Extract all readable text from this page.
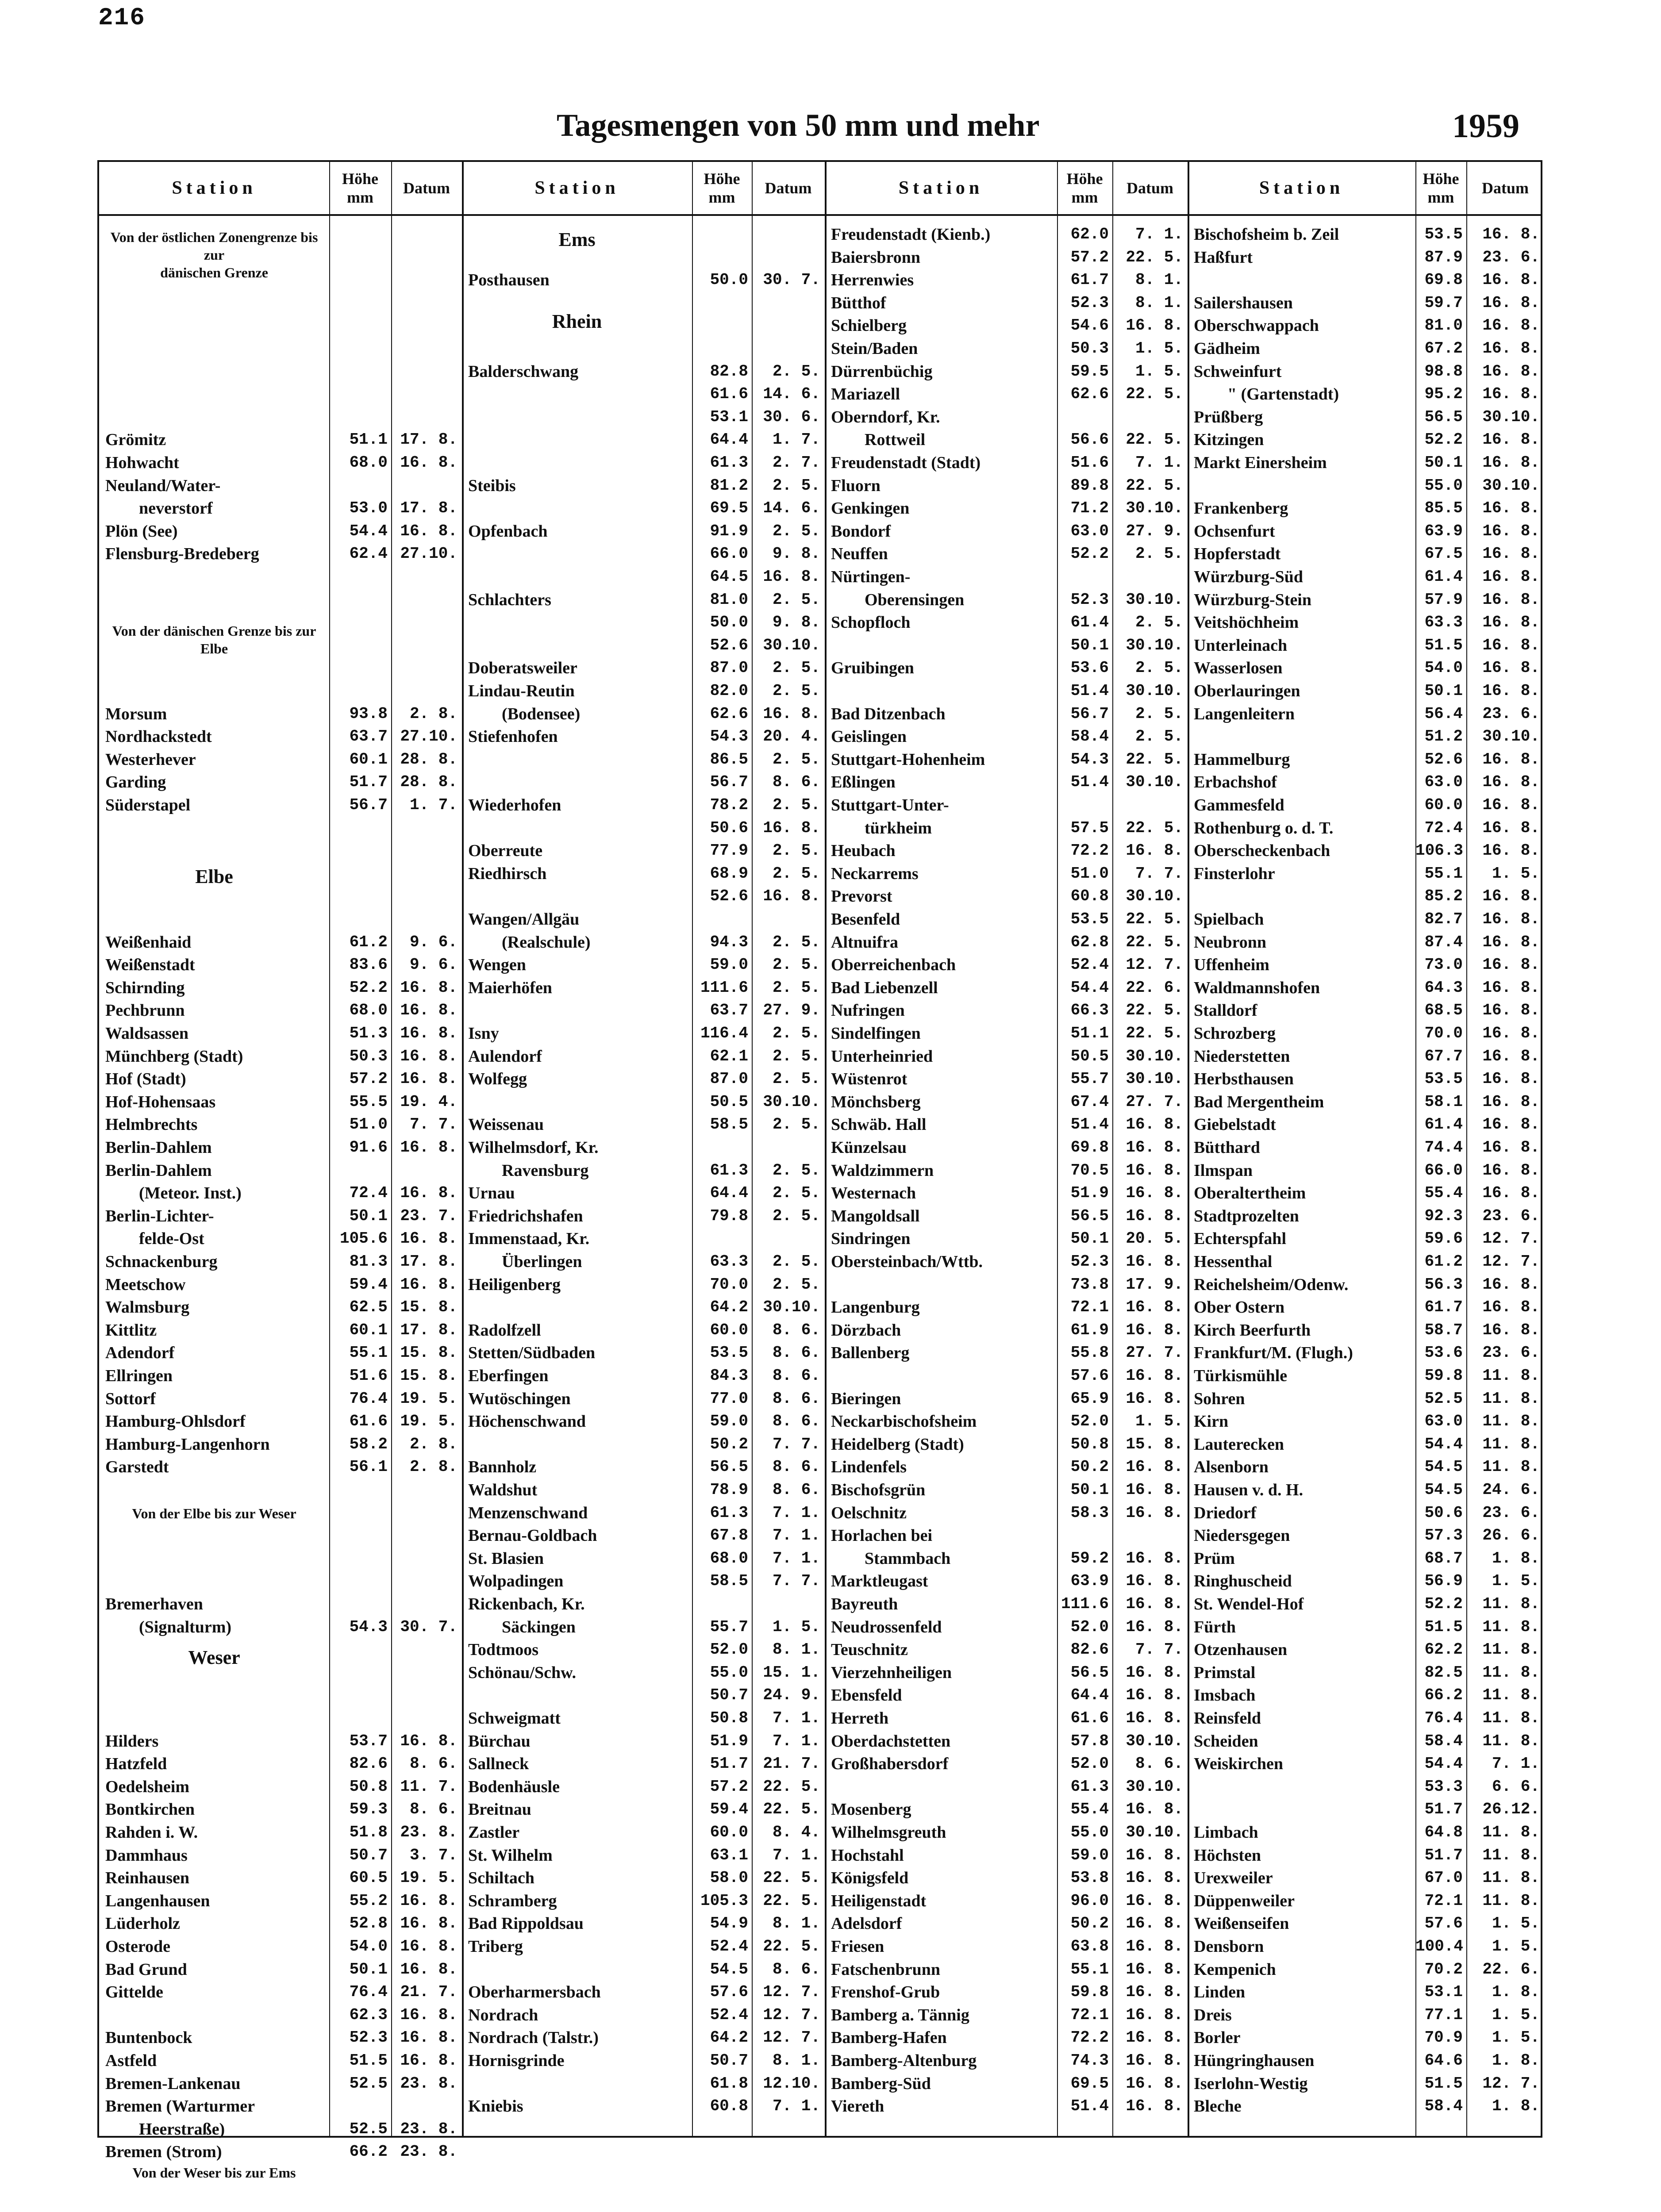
216
Tagesmengen von 50 mm und mehr	1959
Station	Höhe mm
Datum	Station	Höhe mm
Datum	Station	Höhe mm
Datum	Station	Höhe mm
Datum
Von der östlichen Zonengrenze bis zur
dänischen Grenze
Von der dänischen Grenze bis zur Elbe
Elbe
Von der Elbe bis zur Weser
Weser
Von der Weser bis zur Ems
Grömitz	51.1 17. 8.
Hohwacht	68.0 16. 8.
Neuland/Water-
  neverstorf	53.0 17. 8.
Plön (See)	54.4 16. 8.
Flensburg-Bredeberg	62.4 27.10.
Morsum	93.8	2. 8.
Nordhackstedt	63.7 27.10.
Westerhever	60.1 28. 8.
Garding	51.7 28. 8.
Süderstapel	56.7	1. 7.
Weißenhaid	61.2	9. 6.
Weißenstadt	83.6	9. 6.
Schirnding	52.2 16. 8.
Pechbrunn	68.0 16. 8.
Waldsassen	51.3 16. 8.
Münchberg (Stadt)	50.3 16. 8.
Hof (Stadt)	57.2 16. 8.
Hof-Hohensaas	55.5 19. 4.
Helmbrechts	51.0	7. 7.
Berlin-Dahlem	91.6 16. 8.
Berlin-Dahlem
  (Meteor. Inst.)	72.4 16. 8.
Berlin-Lichter-	50.1 23. 7.
  felde-Ost	105.6 16. 8.
Schnackenburg	81.3 17. 8.
Meetschow	59.4 16. 8.
Walmsburg	62.5 15. 8.
Kittlitz	60.1 17. 8.
Adendorf	55.1 15. 8.
Ellringen	51.6 15. 8.
Sottorf	76.4 19. 5.
Hamburg-Ohlsdorf	61.6 19. 5.
Hamburg-Langenhorn	58.2	2. 8.
Garstedt	56.1	2. 8.
Bremerhaven
  (Signalturm)	54.3 30. 7.
Hilders	53.7 16. 8.
Hatzfeld	82.6	8. 6.
Oedelsheim	50.8 11. 7.
Bontkirchen	59.3	8. 6.
Rahden i. W.	51.8 23. 8.
Dammhaus	50.7	3. 7.
Reinhausen	60.5 19. 5.
Langenhausen	55.2 16. 8.
Lüderholz	52.8 16. 8.
Osterode	54.0 16. 8.
Bad Grund	50.1 16. 8.
Gittelde	76.4 21. 7.
62.3 16. 8.
Buntenbock	52.3 16. 8.
Astfeld	51.5 16. 8.
Bremen-Lankenau	52.5 23. 8.
Bremen (Warturmer
  Heerstraße)	52.5 23. 8.
Bremen (Strom)	66.2 23. 8.
Ems
Rhein
Posthausen	50.0 30. 7.
Balderschwang	82.8	2. 5.
61.6 14. 6.
53.1 30. 6.
64.4	1. 7.
61.3	2. 7.
Steibis	81.2	2. 5.
69.5 14. 6.
Opfenbach	91.9	2. 5.
66.0	9. 8.
64.5 16. 8.
Schlachters	81.0	2. 5.
50.0	9. 8.
52.6 30.10.
Doberatsweiler	87.0	2. 5.
Lindau-Reutin	82.0	2. 5.
  (Bodensee)	62.6 16. 8.
Stiefenhofen	54.3 20. 4.
86.5	2. 5.
56.7	8. 6.
Wiederhofen	78.2	2. 5.
50.6 16. 8.
Oberreute	77.9	2. 5.
Riedhirsch	68.9	2. 5.
52.6 16. 8.
Wangen/Allgäu
  (Realschule)	94.3	2. 5.
Wengen	59.0	2. 5.
Maierhöfen	111.6	2. 5.
63.7 27. 9.
Isny	116.4	2. 5.
Aulendorf	62.1	2. 5.
Wolfegg	87.0	2. 5.
50.5 30.10.
Weissenau	58.5	2. 5.
Wilhelmsdorf, Kr.
  Ravensburg	61.3	2. 5.
Urnau	64.4	2. 5.
Friedrichshafen	79.8	2. 5.
Immenstaad, Kr.
  Überlingen	63.3	2. 5.
Heiligenberg	70.0	2. 5.
64.2 30.10.
Radolfzell	60.0	8. 6.
Stetten/Südbaden	53.5	8. 6.
Eberfingen	84.3	8. 6.
Wutöschingen	77.0	8. 6.
Höchenschwand	59.0	8. 6.
50.2	7. 7.
Bannholz	56.5	8. 6.
Waldshut	78.9	8. 6.
Menzenschwand	61.3	7. 1.
Bernau-Goldbach	67.8	7. 1.
St. Blasien	68.0	7. 1.
Wolpadingen	58.5	7. 7.
Rickenbach, Kr.
  Säckingen	55.7	1. 5.
Todtmoos	52.0	8. 1.
Schönau/Schw.	55.0 15. 1.
50.7 24. 9.
Schweigmatt	50.8	7. 1.
Bürchau	51.9	7. 1.
Sallneck	51.7 21. 7.
Bodenhäusle	57.2 22. 5.
Breitnau	59.4 22. 5.
Zastler	60.0	8. 4.
St. Wilhelm	63.1	7. 1.
Schiltach	58.0 22. 5.
Schramberg	105.3 22. 5.
Bad Rippoldsau	54.9	8. 1.
Triberg	52.4 22. 5.
54.5	8. 6.
Oberharmersbach	57.6 12. 7.
Nordrach	52.4 12. 7.
Nordrach (Talstr.)	64.2 12. 7.
Hornisgrinde	50.7	8. 1.
61.8 12.10.
Kniebis	60.8	7. 1.
Freudenstadt (Kienb.)	62.0	7. 1.
Baiersbronn	57.2	22. 5.
Herrenwies	61.7	8. 1.
Bütthof	52.3	8. 1.
Schielberg	54.6	16. 8.
Stein/Baden	50.3	1. 5.
Dürrenbüchig	59.5	1. 5.
Mariazell	62.6	22. 5.
Oberndorf, Kr.
  Rottweil	56.6	22. 5.
Freudenstadt (Stadt)	51.6	7. 1.
Fluorn	89.8	22. 5.
Genkingen	71.2	30.10.
Bondorf	63.0	27. 9.
Neuffen	52.2	2. 5.
Nürtingen-
  Oberensingen	52.3	30.10.
Schopfloch	61.4	2. 5.
50.1	30.10.
Gruibingen	53.6	2. 5.
51.4	30.10.
Bad Ditzenbach	56.7	2. 5.
Geislingen	58.4	2. 5.
Stuttgart-Hohenheim	54.3	22. 5.
Eßlingen	51.4	30.10.
Stuttgart-Unter-
  türkheim	57.5	22. 5.
Heubach	72.2	16. 8.
Neckarrems	51.0	7. 7.
Prevorst	60.8	30.10.
Besenfeld	53.5	22. 5.
Altnuifra	62.8	22. 5.
Oberreichenbach	52.4	12. 7.
Bad Liebenzell	54.4	22. 6.
Nufringen	66.3	22. 5.
Sindelfingen	51.1	22. 5.
Unterheinried	50.5	30.10.
Wüstenrot	55.7	30.10.
Mönchsberg	67.4	27. 7.
Schwäb. Hall	51.4	16. 8.
Künzelsau	69.8	16. 8.
Waldzimmern	70.5	16. 8.
Westernach	51.9	16. 8.
Mangoldsall	56.5	16. 8.
Sindringen	50.1	20. 5.
Obersteinbach/Wttb.	52.3	16. 8.
73.8	17. 9.
Langenburg	72.1	16. 8.
Dörzbach	61.9	16. 8.
Ballenberg	55.8	27. 7.
57.6	16. 8.
Bieringen	65.9	16. 8.
Neckarbischofsheim	52.0	1. 5.
Heidelberg (Stadt)	50.8	15. 8.
Lindenfels	50.2	16. 8.
Bischofsgrün	50.1	16. 8.
Oelschnitz	58.3	16. 8.
Horlachen bei
  Stammbach	59.2	16. 8.
Marktleugast	63.9	16. 8.
Bayreuth	111.6	16. 8.
Neudrossenfeld	52.0	16. 8.
Teuschnitz	82.6	7. 7.
Vierzehnheiligen	56.5	16. 8.
Ebensfeld	64.4	16. 8.
Herreth	61.6	16. 8.
Oberdachstetten	57.8	30.10.
Großhabersdorf	52.0	8. 6.
61.3	30.10.
Mosenberg	55.4	16. 8.
Wilhelmsgreuth	55.0	30.10.
Hochstahl	59.0	16. 8.
Königsfeld	53.8	16. 8.
Heiligenstadt	96.0	16. 8.
Adelsdorf	50.2	16. 8.
Friesen	63.8	16. 8.
Fatschenbrunn	55.1	16. 8.
Frenshof-Grub	59.8	16. 8.
Bamberg a. Tännig	72.1	16. 8.
Bamberg-Hafen	72.2	16. 8.
Bamberg-Altenburg	74.3	16. 8.
Bamberg-Süd	69.5	16. 8.
Viereth	51.4	16. 8.
Bischofsheim b. Zeil	53.5	16. 8.
Haßfurt	87.9	23. 6.
69.8	16. 8.
Sailershausen	59.7	16. 8.
Oberschwappach	81.0	16. 8.
Gädheim	67.2	16. 8.
Schweinfurt	98.8	16. 8.
  " (Gartenstadt)	95.2	16. 8.
Prüßberg	56.5	30.10.
Kitzingen	52.2	16. 8.
Markt Einersheim	50.1	16. 8.
55.0	30.10.
Frankenberg	85.5	16. 8.
Ochsenfurt	63.9	16. 8.
Hopferstadt	67.5	16. 8.
Würzburg-Süd	61.4	16. 8.
Würzburg-Stein	57.9	16. 8.
Veitshöchheim	63.3	16. 8.
Unterleinach	51.5	16. 8.
Wasserlosen	54.0	16. 8.
Oberlauringen	50.1	16. 8.
Langenleitern	56.4	23. 6.
51.2	30.10.
Hammelburg	52.6	16. 8.
Erbachshof	63.0	16. 8.
Gammesfeld	60.0	16. 8.
Rothenburg o. d. T.	72.4	16. 8.
Oberscheckenbach	106.3	16. 8.
Finsterlohr	55.1	1. 5.
85.2	16. 8.
Spielbach	82.7	16. 8.
Neubronn	87.4	16. 8.
Uffenheim	73.0	16. 8.
Waldmannshofen	64.3	16. 8.
Stalldorf	68.5	16. 8.
Schrozberg	70.0	16. 8.
Niederstetten	67.7	16. 8.
Herbsthausen	53.5	16. 8.
Bad Mergentheim	58.1	16. 8.
Giebelstadt	61.4	16. 8.
Bütthard	74.4	16. 8.
Ilmspan	66.0	16. 8.
Oberaltertheim	55.4	16. 8.
Stadtprozelten	92.3	23. 6.
Echterspfahl	59.6	12. 7.
Hessenthal	61.2	12. 7.
Reichelsheim/Odenw.	56.3	16. 8.
Ober Ostern	61.7	16. 8.
Kirch Beerfurth	58.7	16. 8.
Frankfurt/M. (Flugh.)	53.6	23. 6.
Türkismühle	59.8	11. 8.
Sohren	52.5	11. 8.
Kirn	63.0	11. 8.
Lauterecken	54.4	11. 8.
Alsenborn	54.5	11. 8.
Hausen v. d. H.	54.5	24. 6.
Driedorf	50.6	23. 6.
Niedersgegen	57.3	26. 6.
Prüm	68.7	1. 8.
Ringhuscheid	56.9	1. 5.
St. Wendel-Hof	52.2	11. 8.
Fürth	51.5	11. 8.
Otzenhausen	62.2	11. 8.
Primstal	82.5	11. 8.
Imsbach	66.2	11. 8.
Reinsfeld	76.4	11. 8.
Scheiden	58.4	11. 8.
Weiskirchen	54.4	7. 1.
53.3	6. 6.
51.7	26.12.
Limbach	64.8	11. 8.
Höchsten	51.7	11. 8.
Urexweiler	67.0	11. 8.
Düppenweiler	72.1	11. 8.
Weißenseifen	57.6	1. 5.
Densborn	100.4	1. 5.
Kempenich	70.2	22. 6.
Linden	53.1	1. 8.
Dreis	77.1	1. 5.
Borler	70.9	1. 5.
Hüngringhausen	64.6	1. 8.
Iserlohn-Westig	51.5	12. 7.
Bleche	58.4	1. 8.
